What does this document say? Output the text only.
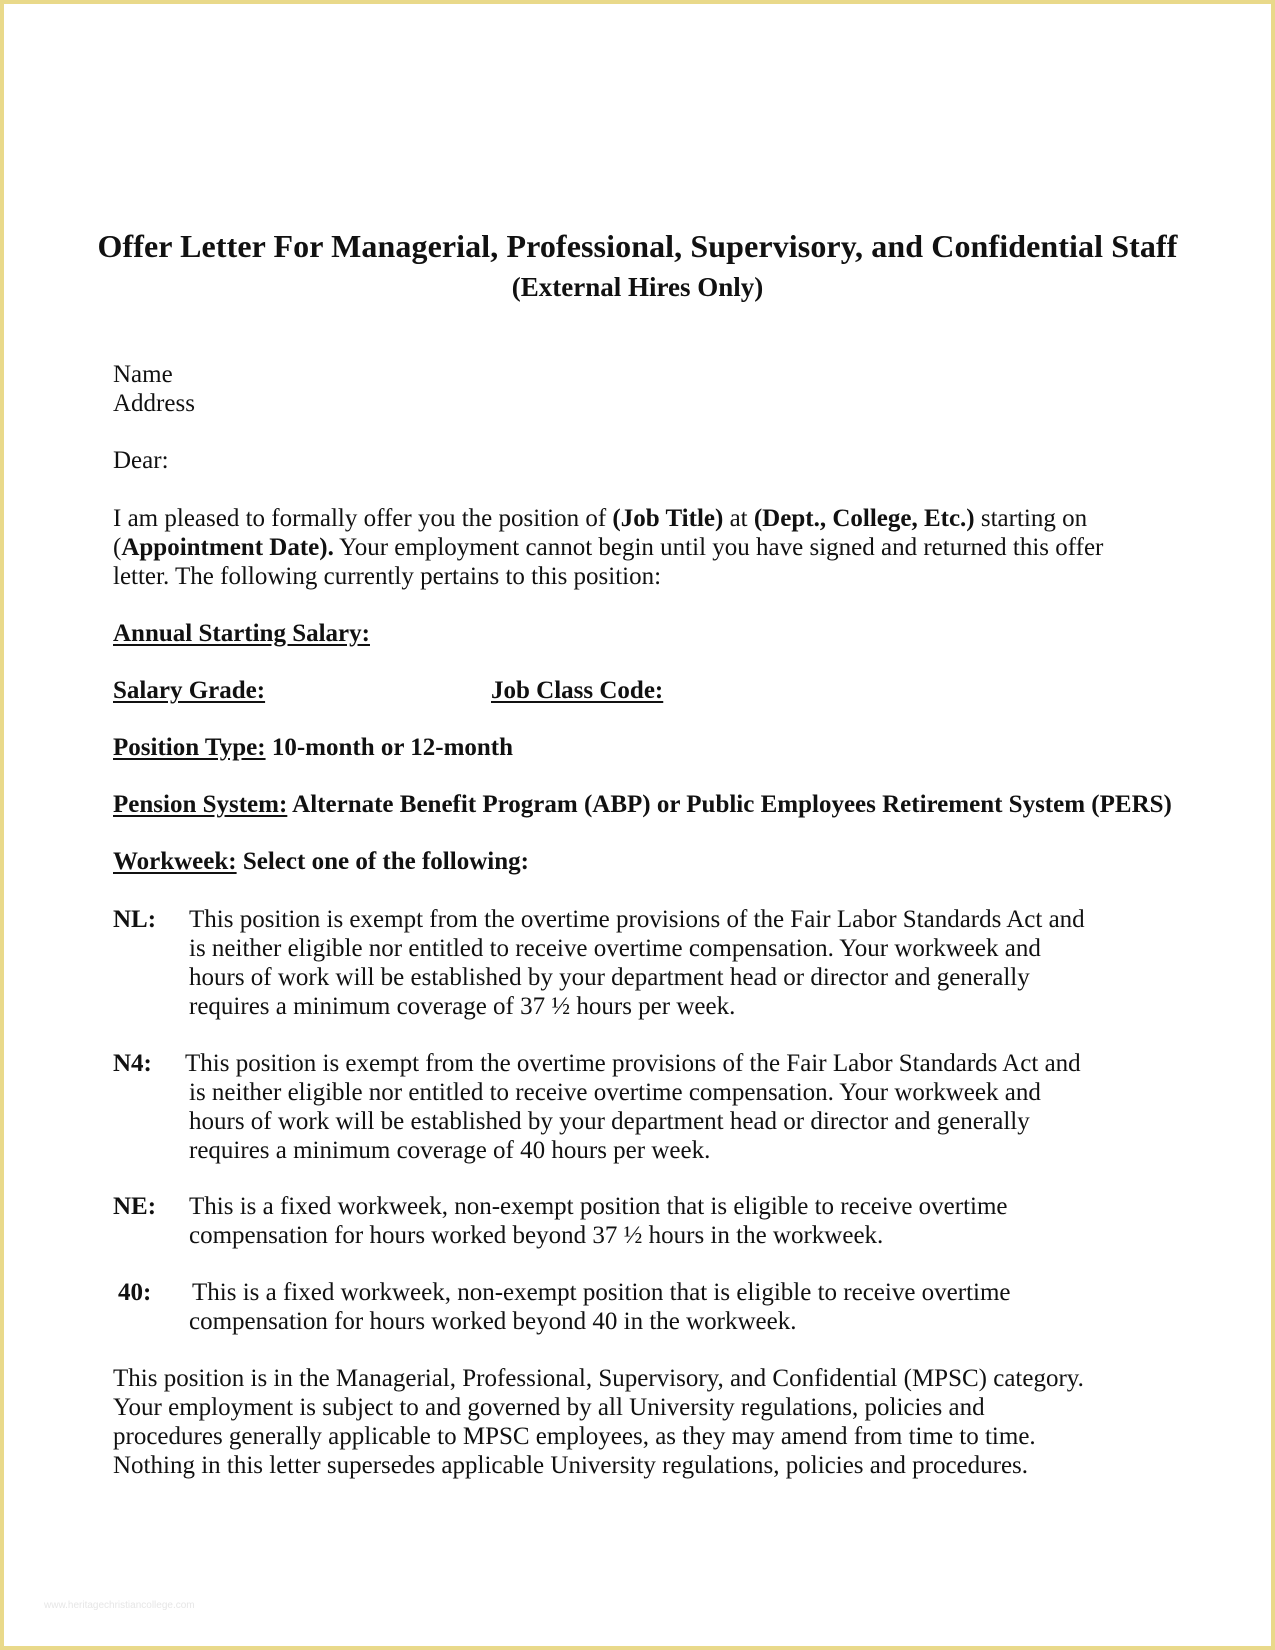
Offer Letter For Managerial, Professional, Supervisory, and Confidential Staff
(External Hires Only)
Name
Address
Dear:
I am pleased to formally offer you the position of (Job Title) at (Dept., College, Etc.) starting on
(Appointment Date). Your employment cannot begin until you have signed and returned this offer
letter. The following currently pertains to this position:
Annual Starting Salary:
Salary Grade:	Job Class Code:
Position Type: 10-month or 12-month
Pension System: Alternate Benefit Program (ABP) or Public Employees Retirement System (PERS)
Workweek: Select one of the following:
NL: This position is exempt from the overtime provisions of the Fair Labor Standards Act and
is neither eligible nor entitled to receive overtime compensation. Your workweek and
hours of work will be established by your department head or director and generally
requires a minimum coverage of 37 ½ hours per week.
N4: This position is exempt from the overtime provisions of the Fair Labor Standards Act and
is neither eligible nor entitled to receive overtime compensation. Your workweek and
hours of work will be established by your department head or director and generally
requires a minimum coverage of 40 hours per week.
NE: This is a fixed workweek, non-exempt position that is eligible to receive overtime
compensation for hours worked beyond 37 ½ hours in the workweek.
40: This is a fixed workweek, non-exempt position that is eligible to receive overtime
compensation for hours worked beyond 40 in the workweek.
This position is in the Managerial, Professional, Supervisory, and Confidential (MPSC) category.
Your employment is subject to and governed by all University regulations, policies and
procedures generally applicable to MPSC employees, as they may amend from time to time.
Nothing in this letter supersedes applicable University regulations, policies and procedures.
www.heritagechristiancollege.com
